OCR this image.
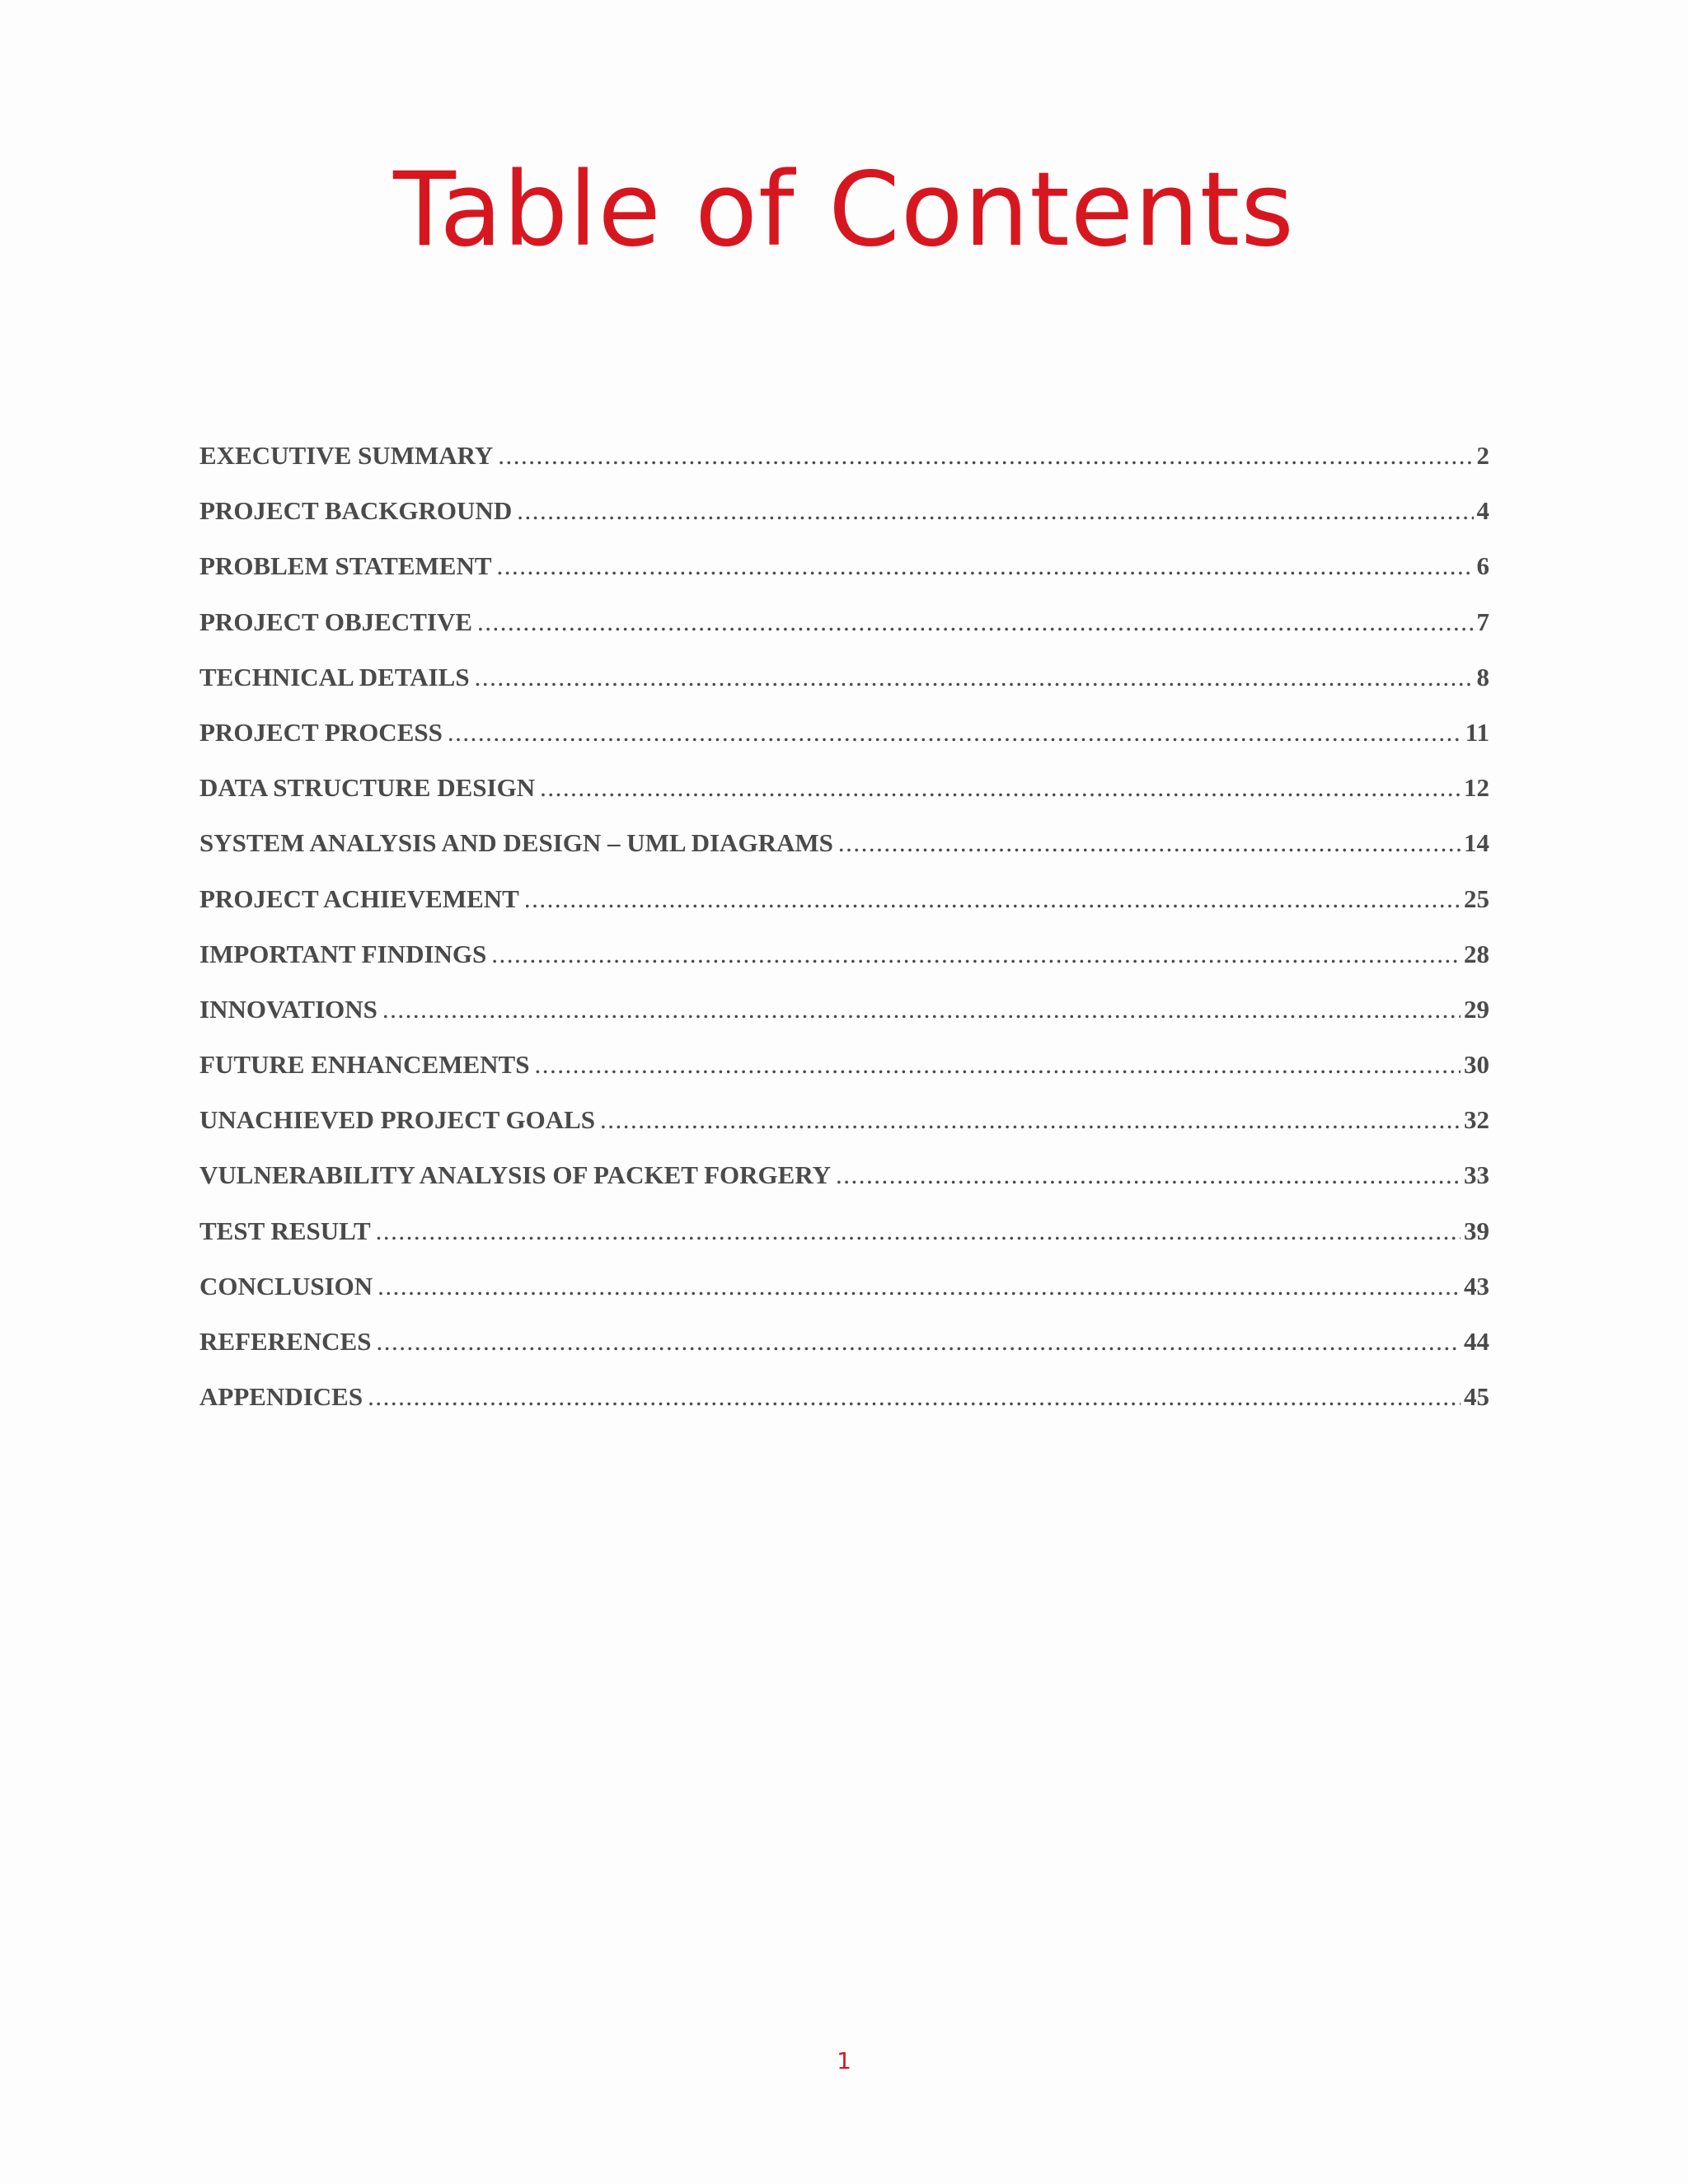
Table of Contents
EXECUTIVE SUMMARY .....	2
PROJECT BACKGROUND .....	4
PROBLEM STATEMENT .....	6
PROJECT OBJECTIVE .....	7
TECHNICAL DETAILS .....	8
PROJECT PROCESS .....	11
DATA STRUCTURE DESIGN .....	12
SYSTEM ANALYSIS AND DESIGN – UML DIAGRAMS .....	14
PROJECT ACHIEVEMENT .....	25
IMPORTANT FINDINGS .....	28
INNOVATIONS .....	29
FUTURE ENHANCEMENTS .....	30
UNACHIEVED PROJECT GOALS .....	32
VULNERABILITY ANALYSIS OF PACKET FORGERY .....	33
TEST RESULT .....	39
CONCLUSION .....	43
REFERENCES .....	44
APPENDICES .....	45
1
